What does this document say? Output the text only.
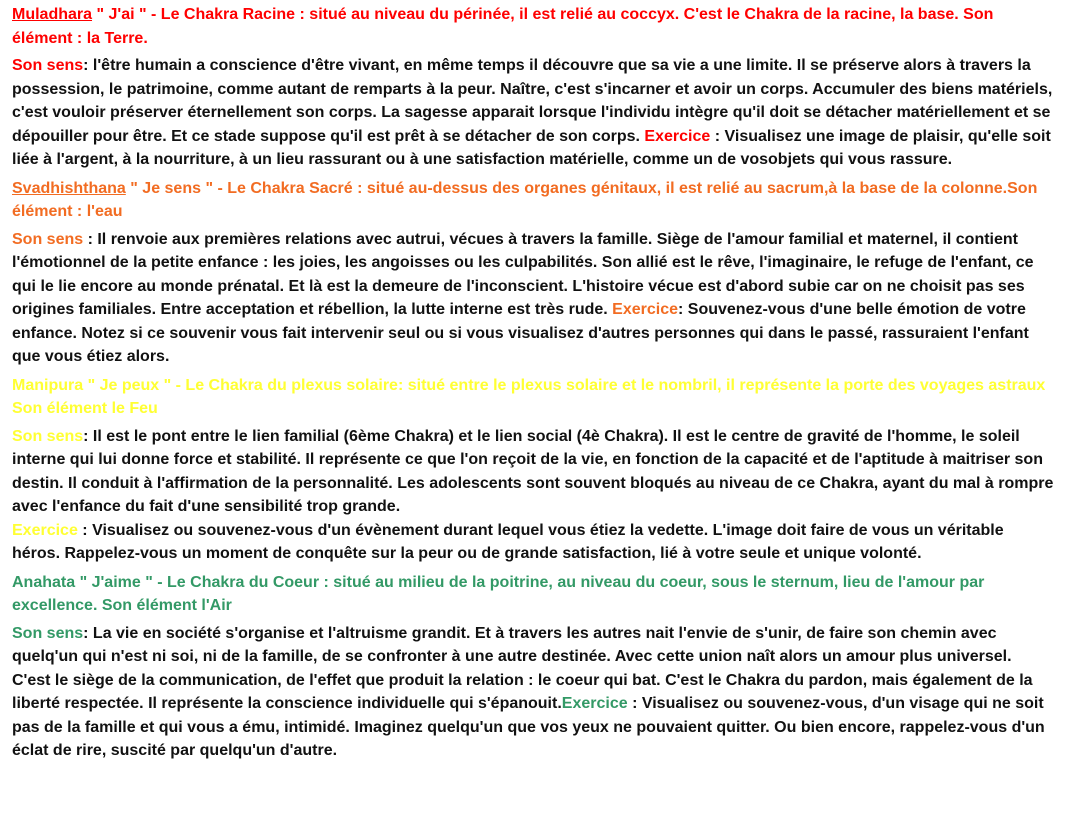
Muladhara " J'ai " - Le Chakra Racine : situé au niveau du périnée, il est relié au coccyx. C'est le Chakra de la racine, la base. Son élément : la Terre.

Son sens: l'être humain a conscience d'être vivant, en même temps il découvre que sa vie a une limite. Il se préserve alors à travers la possession, le patrimoine, comme autant de remparts à la peur. Naître, c'est s'incarner et avoir un corps. Accumuler des biens matériels, c'est vouloir préserver éternellement son corps. La sagesse apparait lorsque l'individu intègre qu'il doit se détacher matériellement et se dépouiller pour être. Et ce stade suppose qu'il est prêt à se détacher de son corps. Exercice : Visualisez une image de plaisir, qu'elle soit liée à l'argent, à la nourriture, à un lieu rassurant ou à une satisfaction matérielle, comme un de vosobjets qui vous rassure.

Svadhishthana " Je sens " - Le Chakra Sacré : situé au-dessus des organes génitaux, il est relié au sacrum,à la base de la colonne.Son élément : l'eau

Son sens : Il renvoie aux premières relations avec autrui, vécues à travers la famille. Siège de l'amour familial et maternel, il contient l'émotionnel de la petite enfance : les joies, les angoisses ou les culpabilités. Son allié est le rêve, l'imaginaire, le refuge de l'enfant, ce qui le lie encore au monde prénatal. Et là est la demeure de l'inconscient. L'histoire vécue est d'abord subie car on ne choisit pas ses origines familiales. Entre acceptation et rébellion, la lutte interne est très rude. Exercice: Souvenez-vous d'une belle émotion de votre enfance. Notez si ce souvenir vous fait intervenir seul ou si vous visualisez d'autres personnes qui dans le passé, rassuraient l'enfant que vous étiez alors.

Manipura " Je peux " - Le Chakra du plexus solaire: situé entre le plexus solaire et le nombril, il représente la porte des voyages astraux Son élément le Feu

Son sens: Il est le pont entre le lien familial (6ème Chakra) et le lien social (4è Chakra). Il est le centre de gravité de l'homme, le soleil interne qui lui donne force et stabilité. Il représente ce que l'on reçoit de la vie, en fonction de la capacité et de l'aptitude à maitriser son destin. Il conduit à l'affirmation de la personnalité. Les adolescents sont souvent bloqués au niveau de ce Chakra, ayant du mal à rompre avec l'enfance du fait d'une sensibilité trop grande.
Exercice : Visualisez ou souvenez-vous d'un évènement durant lequel vous étiez la vedette. L'image doit faire de vous un véritable héros. Rappelez-vous un moment de conquête sur la peur ou de grande satisfaction, lié à votre seule et unique volonté.

Anahata " J'aime " - Le Chakra du Coeur : situé au milieu de la poitrine, au niveau du coeur, sous le sternum, lieu de l'amour par excellence. Son élément l'Air

Son sens: La vie en société s'organise et l'altruisme grandit. Et à travers les autres nait l'envie de s'unir, de faire son chemin avec quelq'un qui n'est ni soi, ni de la famille, de se confronter à une autre destinée. Avec cette union naît alors un amour plus universel. C'est le siège de la communication, de l'effet que produit la relation : le coeur qui bat. C'est le Chakra du pardon, mais également de la liberté respectée. Il représente la conscience individuelle qui s'épanouit.Exercice : Visualisez ou souvenez-vous, d'un visage qui ne soit pas de la famille et qui vous a ému, intimidé. Imaginez quelqu'un que vos yeux ne pouvaient quitter. Ou bien encore, rappelez-vous d'un éclat de rire, suscité par quelqu'un d'autre.
